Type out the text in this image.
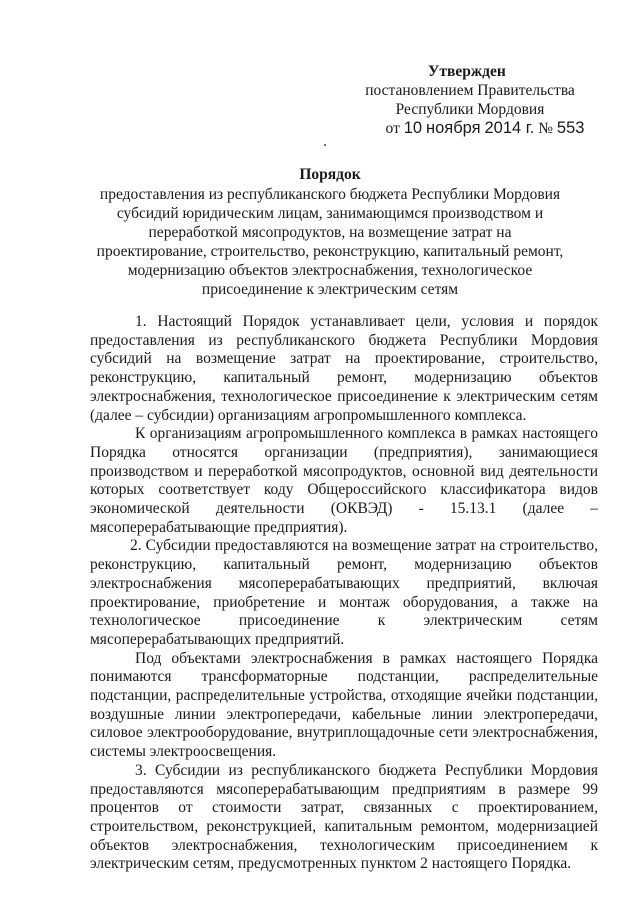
Утвержден
постановлением Правительства
Республики Мордовия
от 10 ноября 2014 г. № 553
Порядок
предоставления из республиканского бюджета Республики Мордовия субсидий юридическим лицам, занимающимся производством и переработкой мясопродуктов, на возмещение затрат на проектирование, строительство, реконструкцию, капитальный ремонт, модернизацию объектов электроснабжения, технологическое присоединение к электрическим сетям

1. Настоящий Порядок устанавливает цели, условия и порядок предоставления из республиканского бюджета Республики Мордовия субсидий на возмещение затрат на проектирование, строительство, реконструкцию, капитальный ремонт, модернизацию объектов электроснабжения, технологическое присоединение к электрическим сетям (далее – субсидии) организациям агропромышленного комплекса.

К организациям агропромышленного комплекса в рамках настоящего Порядка относятся организации (предприятия), занимающиеся производством и переработкой мясопродуктов, основной вид деятельности которых соответствует коду Общероссийского классификатора видов экономической деятельности (ОКВЭД) - 15.13.1 (далее – мясоперерабатывающие предприятия).

2. Субсидии предоставляются на возмещение затрат на строительство, реконструкцию, капитальный ремонт, модернизацию объектов электроснабжения мясоперерабатывающих предприятий, включая проектирование, приобретение и монтаж оборудования, а также на технологическое присоединение к электрическим сетям мясоперерабатывающих предприятий.

Под объектами электроснабжения в рамках настоящего Порядка понимаются трансформаторные подстанции, распределительные подстанции, распределительные устройства, отходящие ячейки подстанции, воздушные линии электропередачи, кабельные линии электропередачи, силовое электрооборудование, внутриплощадочные сети электроснабжения, системы электроосвещения.

3. Субсидии из республиканского бюджета Республики Мордовия предоставляются мясоперерабатывающим предприятиям в размере 99 процентов от стоимости затрат, связанных с проектированием, строительством, реконструкцией, капитальным ремонтом, модернизацией объектов электроснабжения, технологическим присоединением к электрическим сетям, предусмотренных пунктом 2 настоящего Порядка.
